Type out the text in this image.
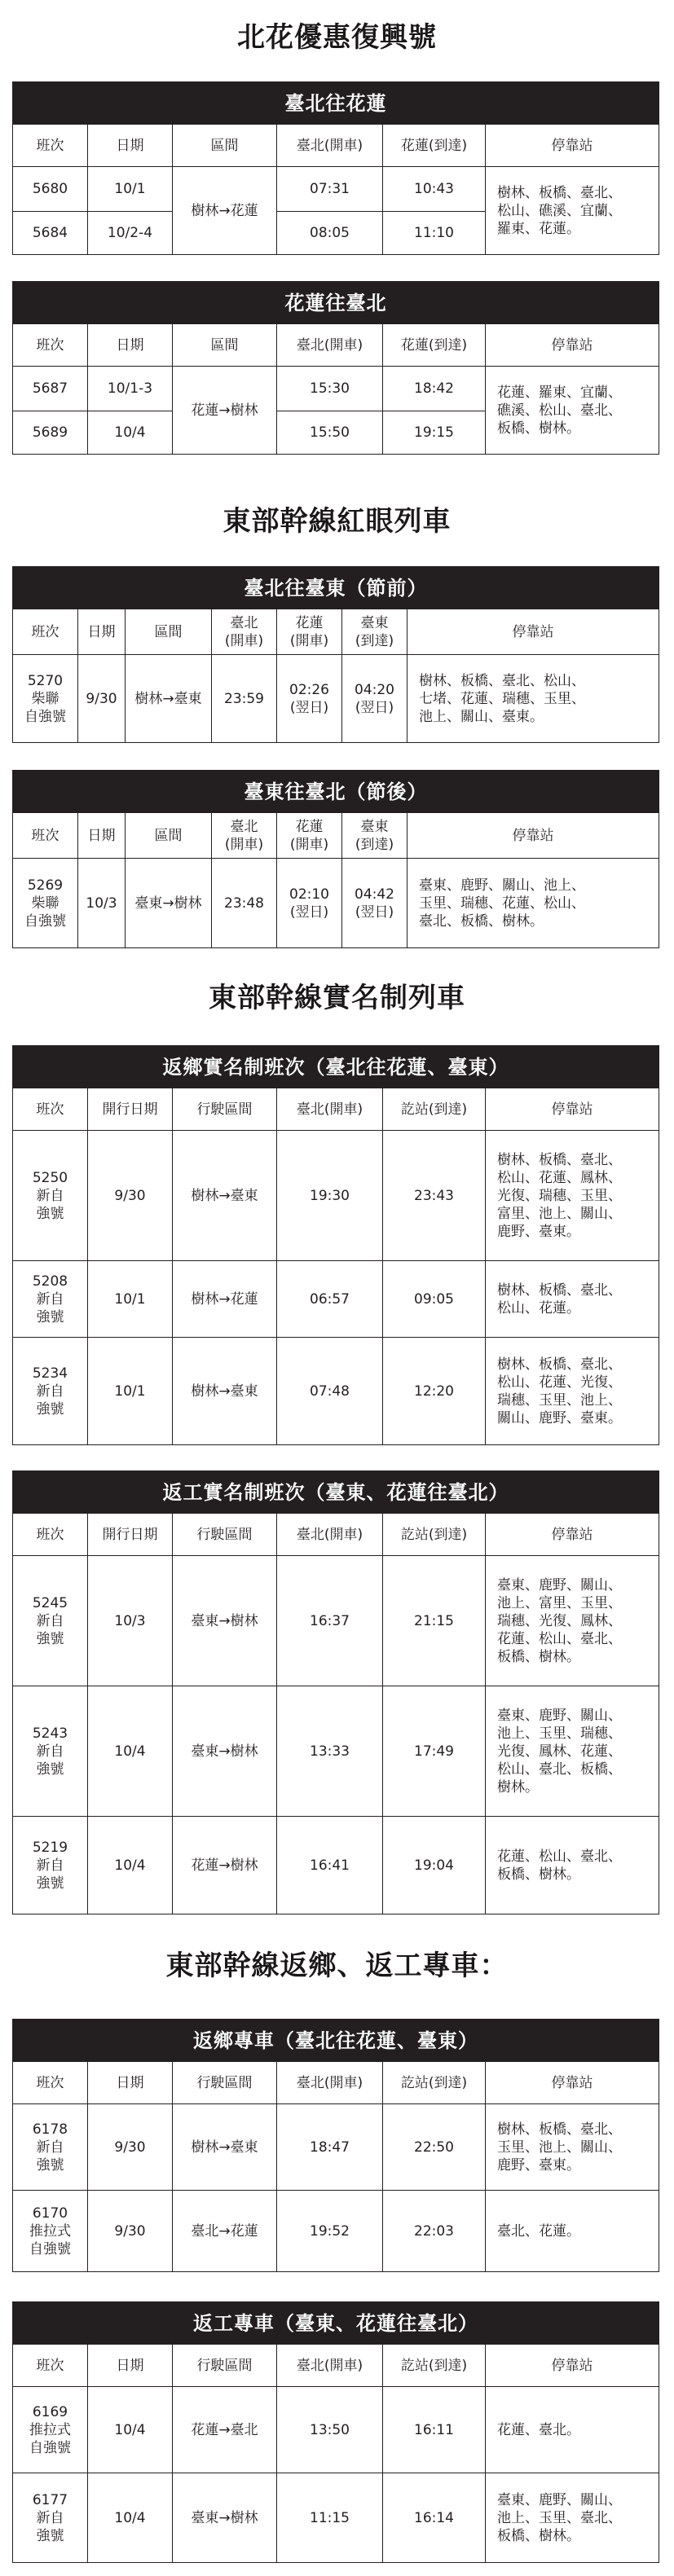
北花優惠復興號
東部幹線紅眼列車
東部幹線實名制列車
東部幹線返鄉、返工專車：
臺北往花蓮					
班次	日期	區間	臺北(開車)	花蓮(到達)	停靠站
5680	10/1	樹林→花蓮	07:31	10:43	樹林、板橋、臺北、
松山、礁溪、宜蘭、
羅東、花蓮。
5684	10/2-4		08:05	11:10	
花蓮往臺北					
班次	日期	區間	臺北(開車)	花蓮(到達)	停靠站
5687	10/1-3	花蓮→樹林	15:30	18:42	花蓮、羅東、宜蘭、
礁溪、松山、臺北、
板橋、樹林。
5689	10/4		15:50	19:15	
臺北往臺東（節前）						
班次	日期	區間	臺北
(開車)	花蓮
(開車)	臺東
(到達)	停靠站
5270
柴聯
自強號	9/30	樹林→臺東	23:59	02:26
(翌日)	04:20
(翌日)	樹林、板橋、臺北、松山、
七堵、花蓮、瑞穗、玉里、
池上、關山、臺東。
臺東往臺北（節後）						
班次	日期	區間	臺北
(開車)	花蓮
(開車)	臺東
(到達)	停靠站
5269
柴聯
自強號	10/3	臺東→樹林	23:48	02:10
(翌日)	04:42
(翌日)	臺東、鹿野、關山、池上、
玉里、瑞穗、花蓮、松山、
臺北、板橋、樹林。
返鄉實名制班次（臺北往花蓮、臺東）					
班次	開行日期	行駛區間	臺北(開車)	訖站(到達)	停靠站
5250
新自
強號	9/30	樹林→臺東	19:30	23:43	樹林、板橋、臺北、
松山、花蓮、鳳林、
光復、瑞穗、玉里、
富里、池上、關山、
鹿野、臺東。
5208
新自
強號	10/1	樹林→花蓮	06:57	09:05	樹林、板橋、臺北、
松山、花蓮。
5234
新自
強號	10/1	樹林→臺東	07:48	12:20	樹林、板橋、臺北、
松山、花蓮、光復、
瑞穗、玉里、池上、
關山、鹿野、臺東。
返工實名制班次（臺東、花蓮往臺北）					
班次	開行日期	行駛區間	臺北(開車)	訖站(到達)	停靠站
5245
新自
強號	10/3	臺東→樹林	16:37	21:15	臺東、鹿野、關山、
池上、富里、玉里、
瑞穗、光復、鳳林、
花蓮、松山、臺北、
板橋、樹林。
5243
新自
強號	10/4	臺東→樹林	13:33	17:49	臺東、鹿野、關山、
池上、玉里、瑞穗、
光復、鳳林、花蓮、
松山、臺北、板橋、
樹林。
5219
新自
強號	10/4	花蓮→樹林	16:41	19:04	花蓮、松山、臺北、
板橋、樹林。
返鄉專車（臺北往花蓮、臺東）					
班次	日期	行駛區間	臺北(開車)	訖站(到達)	停靠站
6178
新自
強號	9/30	樹林→臺東	18:47	22:50	樹林、板橋、臺北、
玉里、池上、關山、
鹿野、臺東。
6170
推拉式
自強號	9/30	臺北→花蓮	19:52	22:03	臺北、花蓮。
返工專車（臺東、花蓮往臺北）					
班次	日期	行駛區間	臺北(開車)	訖站(到達)	停靠站
6169
推拉式
自強號	10/4	花蓮→臺北	13:50	16:11	花蓮、臺北。
6177
新自
強號	10/4	臺東→樹林	11:15	16:14	臺東、鹿野、關山、
池上、玉里、臺北、
板橋、樹林。
